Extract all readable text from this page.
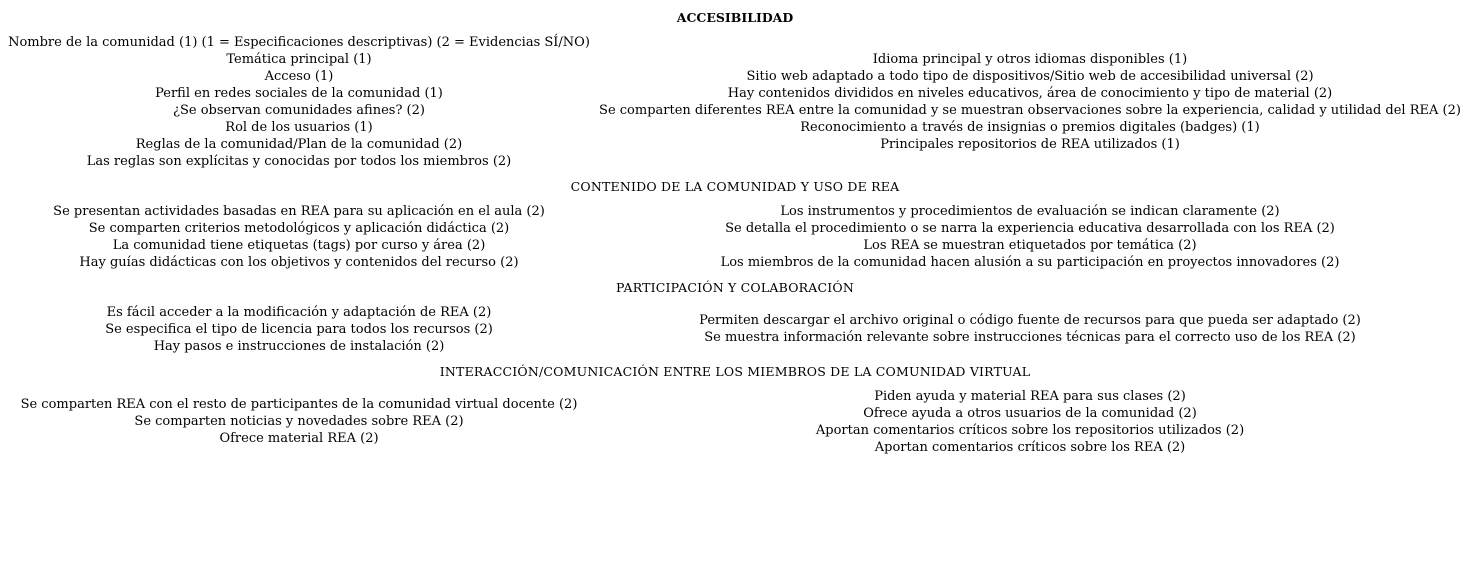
ACCESIBILIDAD
Nombre de la comunidad (1) (1 = Especificaciones descriptivas) (2 = Evidencias SÍ/NO)
Temática principal (1)
Acceso (1)
Perfil en redes sociales de la comunidad (1)
¿Se observan comunidades afines? (2)
Rol de los usuarios (1)
Reglas de la comunidad/Plan de la comunidad (2)
Las reglas son explícitas y conocidas por todos los miembros (2)
Idioma principal y otros idiomas disponibles (1)
Sitio web adaptado a todo tipo de dispositivos/Sitio web de accesibilidad universal (2)
Hay contenidos divididos en niveles educativos, área de conocimiento y tipo de material (2)
Se comparten diferentes REA entre la comunidad y se muestran observaciones sobre la experiencia, calidad y utilidad del REA (2)
Reconocimiento a través de insignias o premios digitales (badges) (1)
Principales repositorios de REA utilizados (1)
CONTENIDO DE LA COMUNIDAD Y USO DE REA
Se presentan actividades basadas en REA para su aplicación en el aula (2)
Se comparten criterios metodológicos y aplicación didáctica (2)
La comunidad tiene etiquetas (tags) por curso y área (2)
Hay guías didácticas con los objetivos y contenidos del recurso (2)
Los instrumentos y procedimientos de evaluación se indican claramente (2)
Se detalla el procedimiento o se narra la experiencia educativa desarrollada con los REA (2)
Los REA se muestran etiquetados por temática (2)
Los miembros de la comunidad hacen alusión a su participación en proyectos innovadores (2)
PARTICIPACIÓN Y COLABORACIÓN
Es fácil acceder a la modificación y adaptación de REA (2)
Se especifica el tipo de licencia para todos los recursos (2)
Hay pasos e instrucciones de instalación (2)
Permiten descargar el archivo original o código fuente de recursos para que pueda ser adaptado (2)
Se muestra información relevante sobre instrucciones técnicas para el correcto uso de los REA (2)
INTERACCIÓN/COMUNICACIÓN ENTRE LOS MIEMBROS DE LA COMUNIDAD VIRTUAL
Se comparten REA con el resto de participantes de la comunidad virtual docente (2)
Se comparten noticias y novedades sobre REA (2)
Ofrece material REA (2)
Piden ayuda y material REA para sus clases (2)
Ofrece ayuda a otros usuarios de la comunidad (2)
Aportan comentarios críticos sobre los repositorios utilizados (2)
Aportan comentarios críticos sobre los REA (2)
